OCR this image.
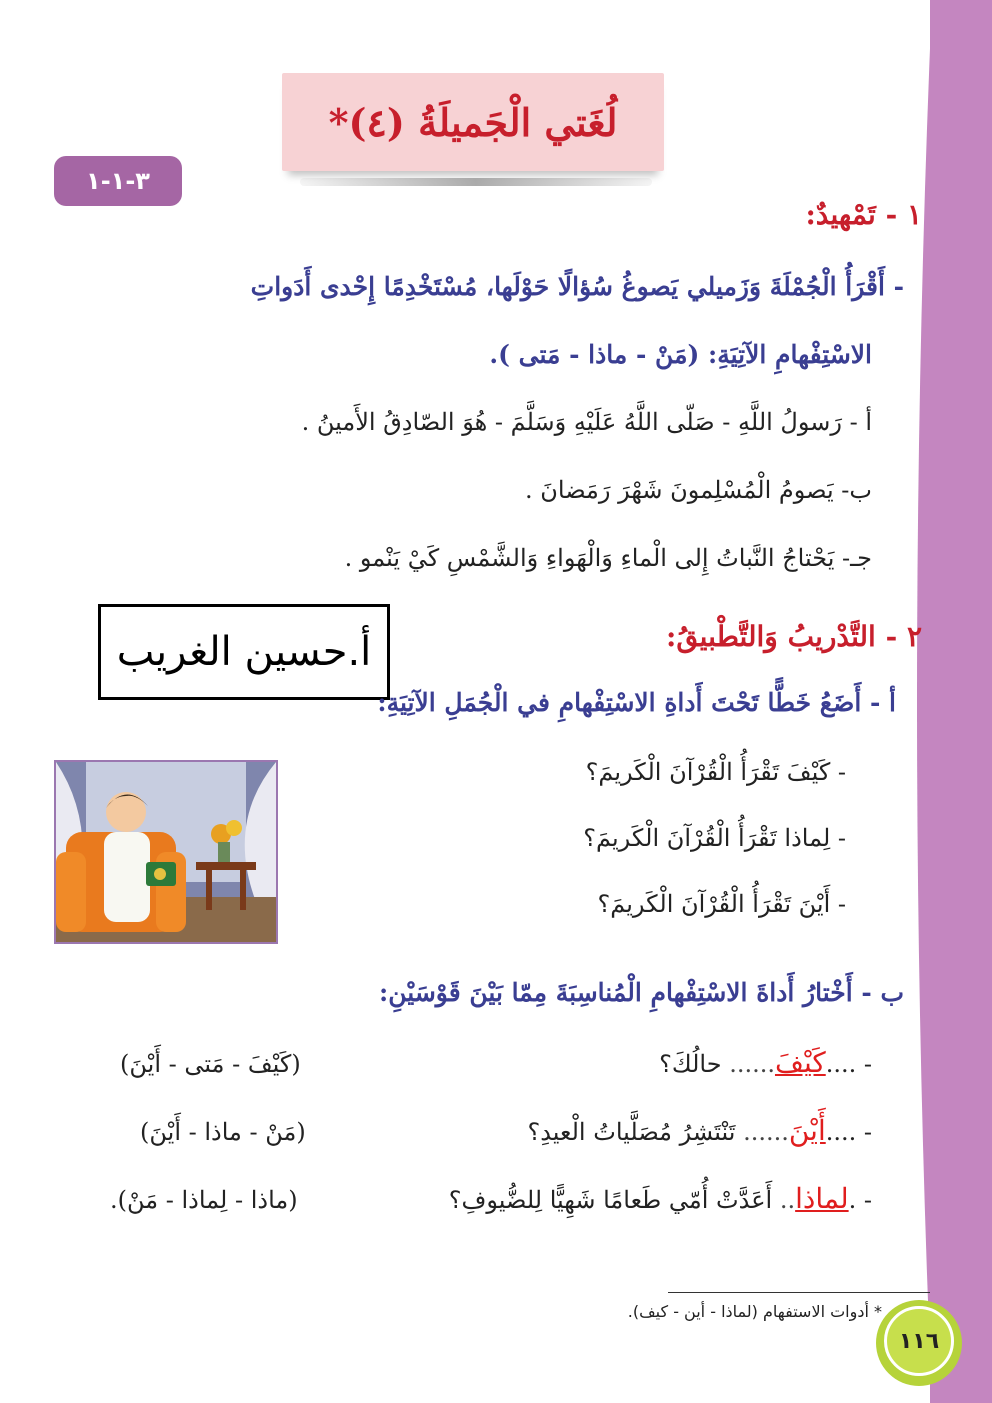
لُغَتي الْجَميلَةُ (٤)*
٣-١-١
١ - تَمْهيدٌ:
- أَقْرَأُ الْجُمْلَةَ وَزَميلي يَصوغُ سُؤالًا حَوْلَها، مُسْتَخْدِمًا إِحْدى أَدَواتِ
الاسْتِفْهامِ الآتِيَةِ: (مَنْ - ماذا - مَتى ).
أ - رَسولُ اللَّهِ - صَلّى اللَّهُ عَلَيْهِ وَسَلَّمَ - هُوَ الصّادِقُ الأَمينُ .
ب- يَصومُ الْمُسْلِمونَ شَهْرَ رَمَضانَ .
جـ- يَحْتاجُ النَّباتُ إِلى الْماءِ وَالْهَواءِ وَالشَّمْسِ كَيْ يَنْمو .
أ.حسين الغريب	٢ - التَّدْريبُ وَالتَّطْبيقُ:
أ - أَضَعُ خَطًّا تَحْتَ أَداةِ الاسْتِفْهامِ في الْجُمَلِ الآتِيَةِ:
- كَيْفَ تَقْرَأُ الْقُرْآنَ الْكَريمَ؟
- لِماذا تَقْرَأُ الْقُرْآنَ الْكَريمَ؟
- أَيْنَ تَقْرَأُ الْقُرْآنَ الْكَريمَ؟
ب - أَخْتارُ أَداةَ الاسْتِفْهامِ الْمُناسِبَةَ مِمّا بَيْنَ قَوْسَيْنِ:
- ....كَيْفَ...... حالُكَ؟
(كَيْفَ - مَتى - أَيْنَ)
- ....أَيْنَ...... تَنْتَشِرُ مُصَلَّياتُ الْعيدِ؟
(مَنْ - ماذا - أَيْنَ)
- .لماذا.. أَعَدَّتْ أُمّي طَعامًا شَهِيًّا لِلضُّيوفِ؟
(ماذا - لِماذا - مَنْ).
* أدوات الاستفهام (لماذا - أين - كيف).
١١٦
